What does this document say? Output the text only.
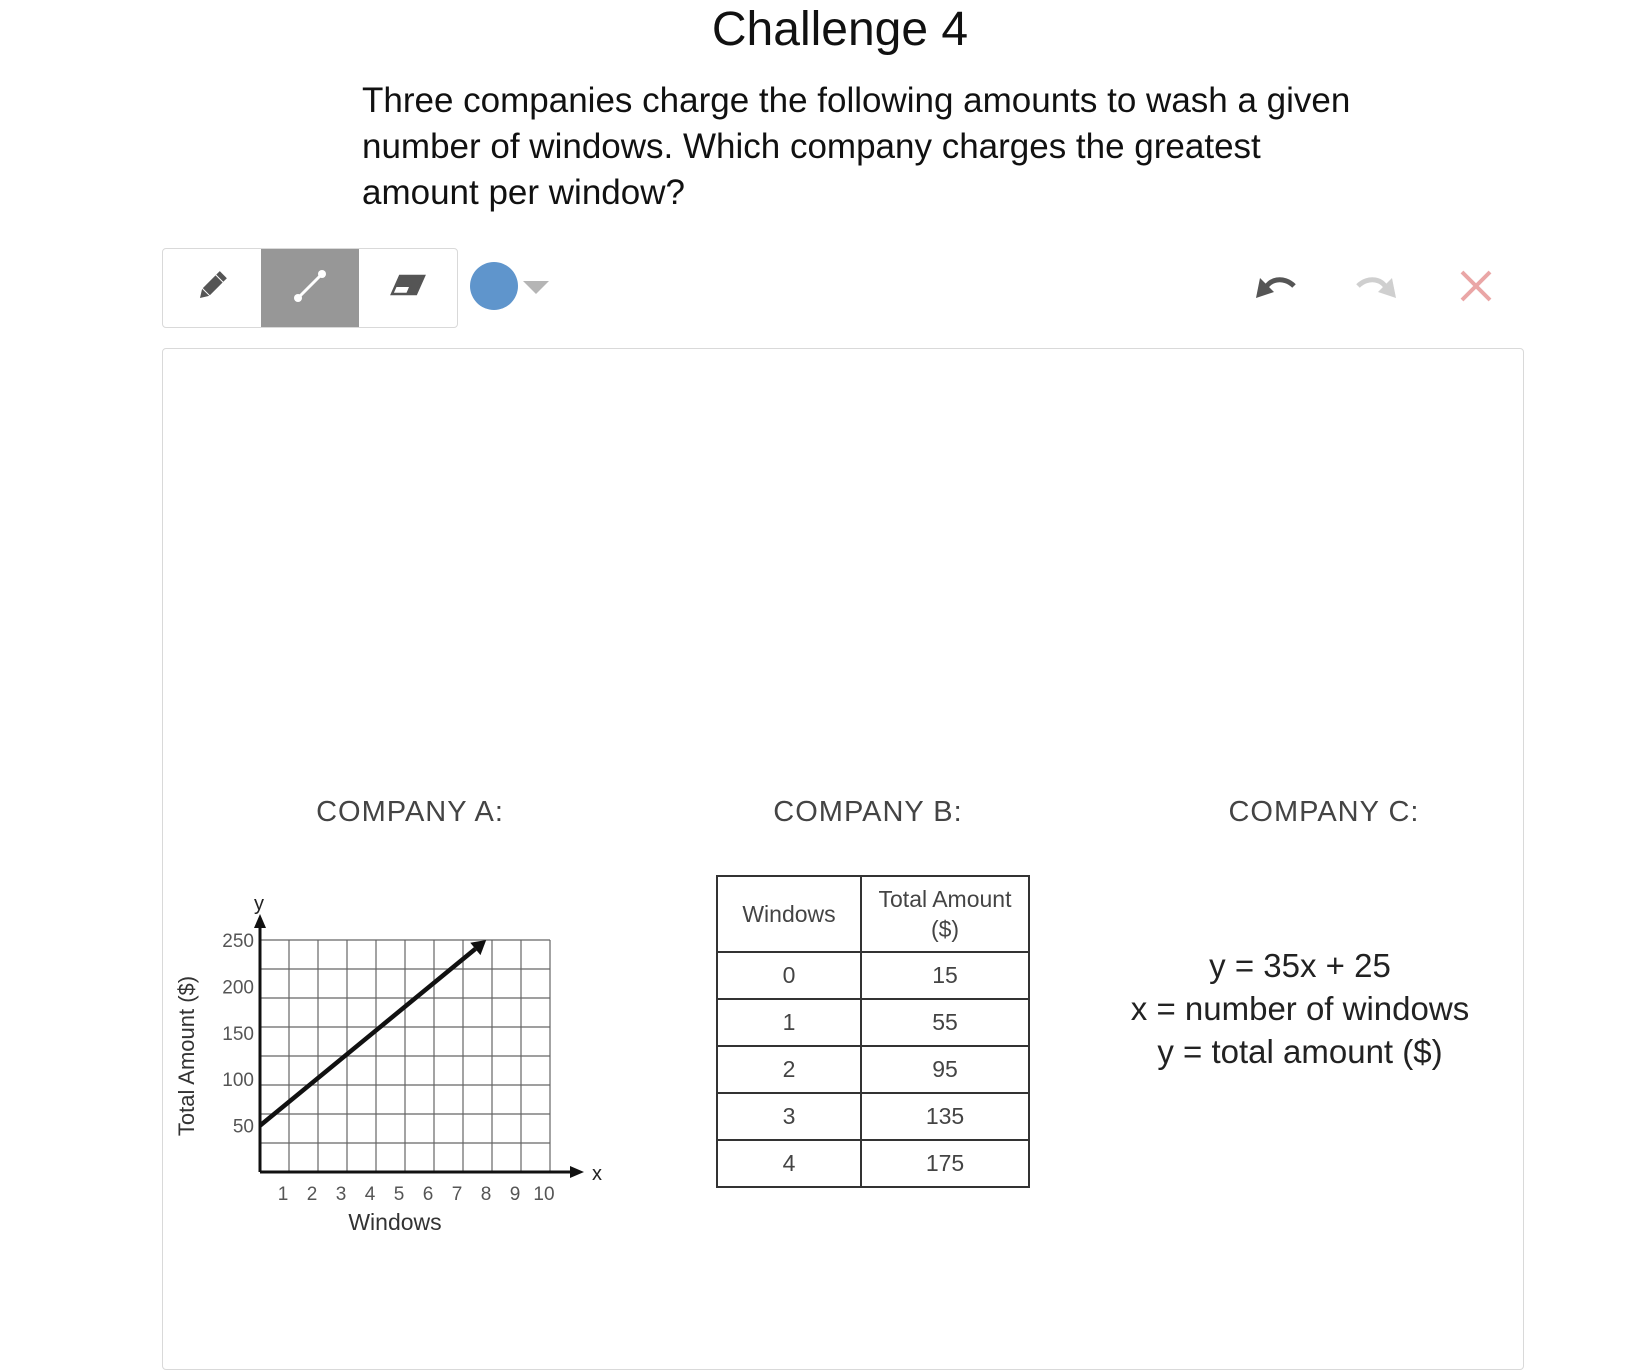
Challenge 4

Three companies charge the following amounts to wash a given number of windows. Which company charges the greatest amount per window?

COMPANY A:
x
y
1 2 3 4 5 6 7 8 9 10
50
100
150
200
250
Windows
Total Amount ($)
COMPANY B:
Windows	Total Amount ($)
0	15
1	55
2	95
3	135
4	175
COMPANY C:
y = 35x + 25
x = number of windows
y = total amount ($)
